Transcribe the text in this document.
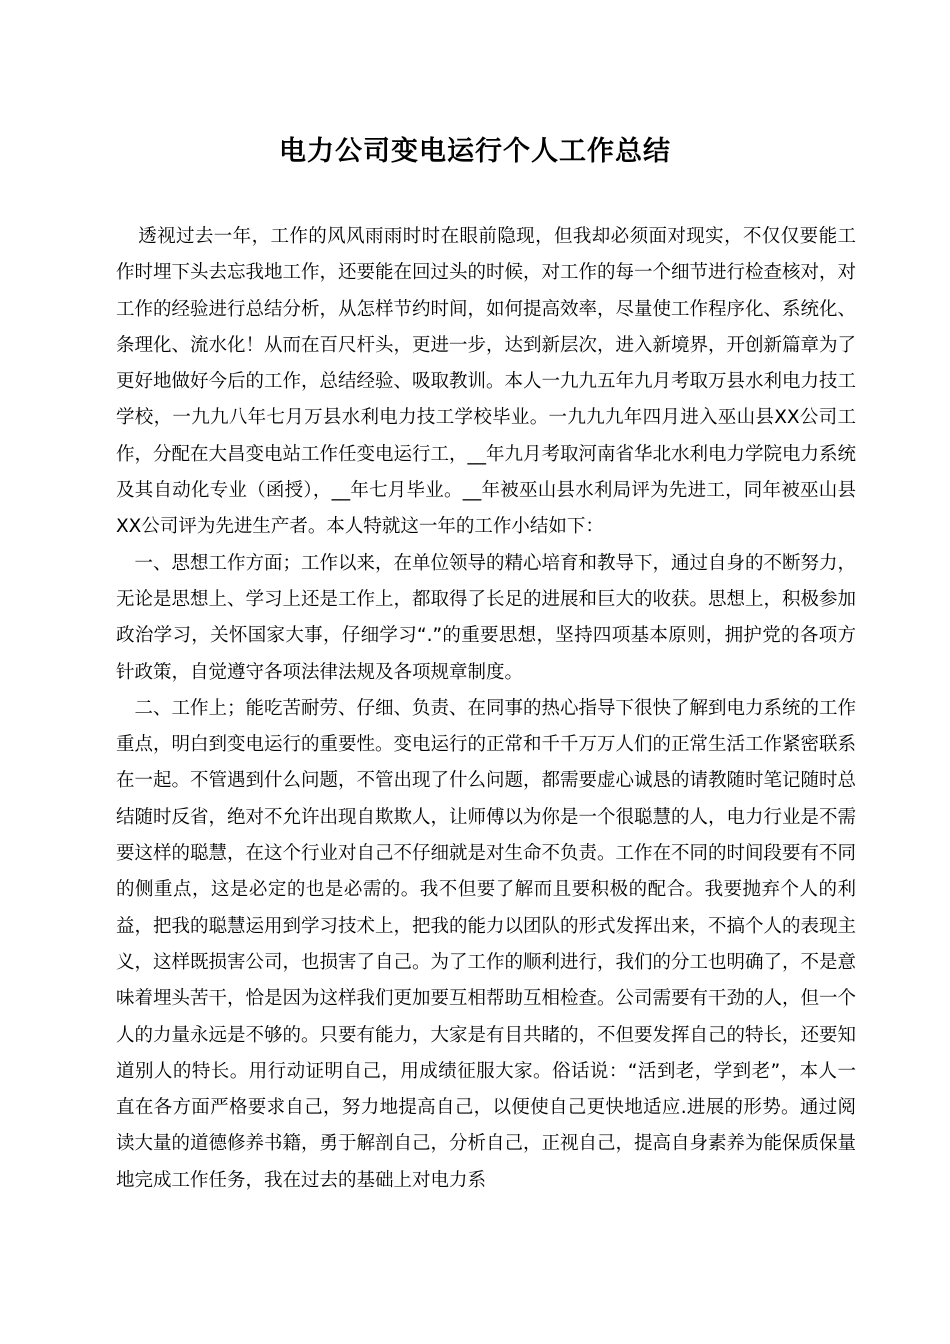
电力公司变电运行个人工作总结

透视过去一年，工作的风风雨雨时时在眼前隐现，但我却必须面对现实，不仅仅要能工作时埋下头去忘我地工作，还要能在回过头的时候，对工作的每一个细节进行检查核对，对工作的经验进行总结分析，从怎样节约时间，如何提高效率，尽量使工作程序化、系统化、条理化、流水化！从而在百尺杆头，更进一步，达到新层次，进入新境界，开创新篇章为了更好地做好今后的工作，总结经验、吸取教训。本人一九九五年九月考取万县水利电力技工学校，一九九八年七月万县水利电力技工学校毕业。一九九九年四月进入巫山县XX公司工作，分配在大昌变电站工作任变电运行工，__年九月考取河南省华北水利电力学院电力系统及其自动化专业（函授），__年七月毕业。__年被巫山县水利局评为先进工，同年被巫山县XX公司评为先进生产者。本人特就这一年的工作小结如下：

一、思想工作方面；工作以来，在单位领导的精心培育和教导下，通过自身的不断努力，无论是思想上、学习上还是工作上，都取得了长足的进展和巨大的收获。思想上，积极参加政治学习，关怀国家大事，仔细学习“.”的重要思想，坚持四项基本原则，拥护党的各项方针政策，自觉遵守各项法律法规及各项规章制度。

二、工作上；能吃苦耐劳、仔细、负责、在同事的热心指导下很快了解到电力系统的工作重点，明白到变电运行的重要性。变电运行的正常和千千万万人们的正常生活工作紧密联系在一起。不管遇到什么问题，不管出现了什么问题，都需要虚心诚恳的请教随时笔记随时总结随时反省，绝对不允许出现自欺欺人，让师傅以为你是一个很聪慧的人，电力行业是不需要这样的聪慧，在这个行业对自己不仔细就是对生命不负责。工作在不同的时间段要有不同的侧重点，这是必定的也是必需的。我不但要了解而且要积极的配合。我要抛弃个人的利益，把我的聪慧运用到学习技术上，把我的能力以团队的形式发挥出来，不搞个人的表现主义，这样既损害公司，也损害了自己。为了工作的顺利进行，我们的分工也明确了，不是意味着埋头苦干，恰是因为这样我们更加要互相帮助互相检查。公司需要有干劲的人，但一个人的力量永远是不够的。只要有能力，大家是有目共睹的，不但要发挥自己的特长，还要知道别人的特长。用行动证明自己，用成绩征服大家。俗话说：“活到老，学到老”，本人一直在各方面严格要求自己，努力地提高自己，以便使自己更快地适应.进展的形势。通过阅读大量的道德修养书籍，勇于解剖自己，分析自己，正视自己，提高自身素养为能保质保量地完成工作任务，我在过去的基础上对电力系
